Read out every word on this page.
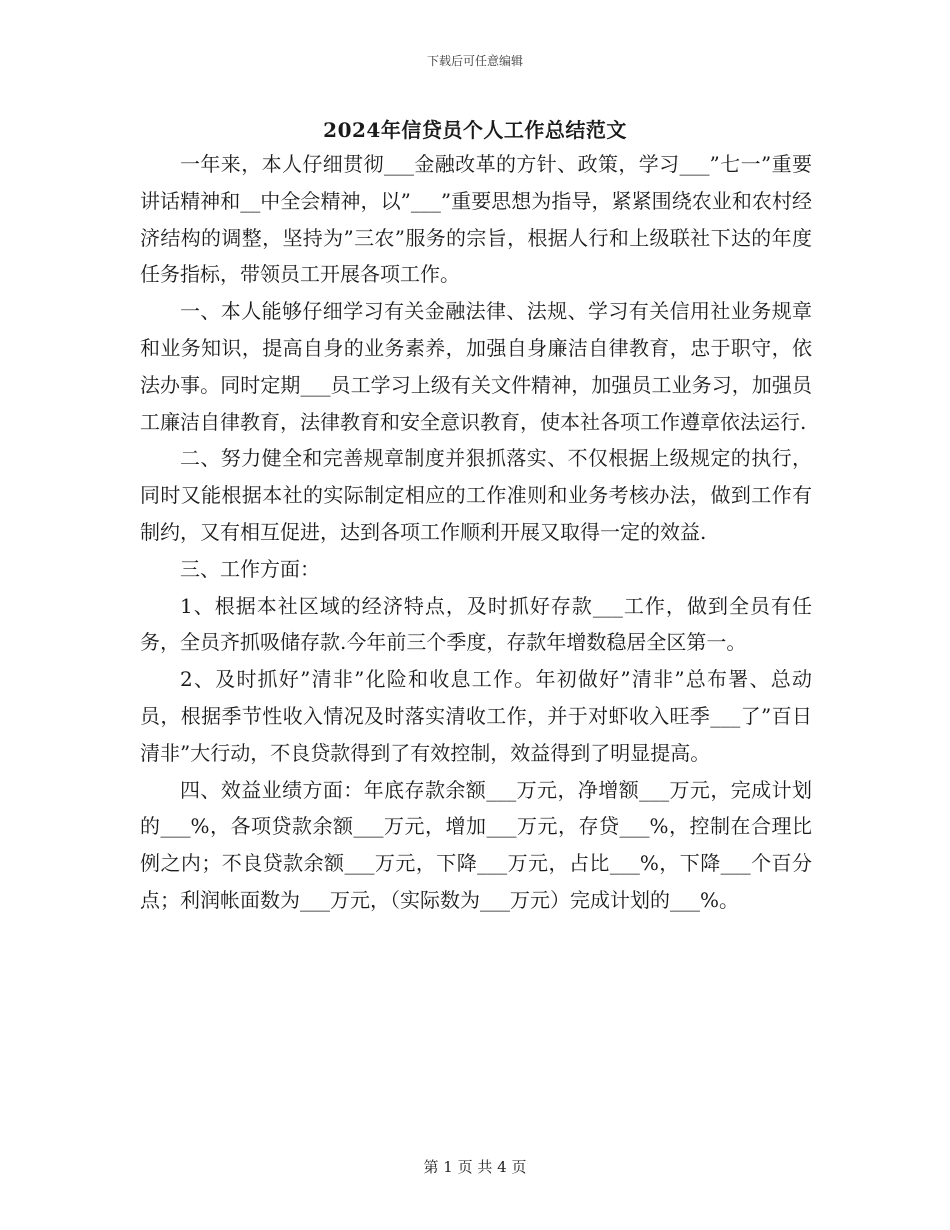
下载后可任意编辑
2024年信贷员个人工作总结范文

一年来，本人仔细贯彻___金融改革的方针、政策，学习___”七一”重要讲话精神和__中全会精神，以”___”重要思想为指导，紧紧围绕农业和农村经济结构的调整，坚持为”三农”服务的宗旨，根据人行和上级联社下达的年度任务指标，带领员工开展各项工作。

一、本人能够仔细学习有关金融法律、法规、学习有关信用社业务规章和业务知识，提高自身的业务素养，加强自身廉洁自律教育，忠于职守，依法办事。同时定期___员工学习上级有关文件精神，加强员工业务习，加强员工廉洁自律教育，法律教育和安全意识教育，使本社各项工作遵章依法运行.

二、努力健全和完善规章制度并狠抓落实、不仅根据上级规定的执行，同时又能根据本社的实际制定相应的工作准则和业务考核办法，做到工作有制约，又有相互促进，达到各项工作顺利开展又取得一定的效益.

三、工作方面：

1、根据本社区域的经济特点，及时抓好存款___工作，做到全员有任务，全员齐抓吸储存款.今年前三个季度，存款年增数稳居全区第一。

2、及时抓好”清非”化险和收息工作。年初做好”清非”总布署、总动员，根据季节性收入情况及时落实清收工作，并于对虾收入旺季___了”百日清非”大行动，不良贷款得到了有效控制，效益得到了明显提高。

四、效益业绩方面：年底存款余额___万元，净增额___万元，完成计划的___%，各项贷款余额___万元，增加___万元，存贷___%，控制在合理比例之内；不良贷款余额___万元，下降___万元，占比___%，下降___个百分点；利润帐面数为___万元，（实际数为___万元）完成计划的___%。

第 1 页 共 4 页
